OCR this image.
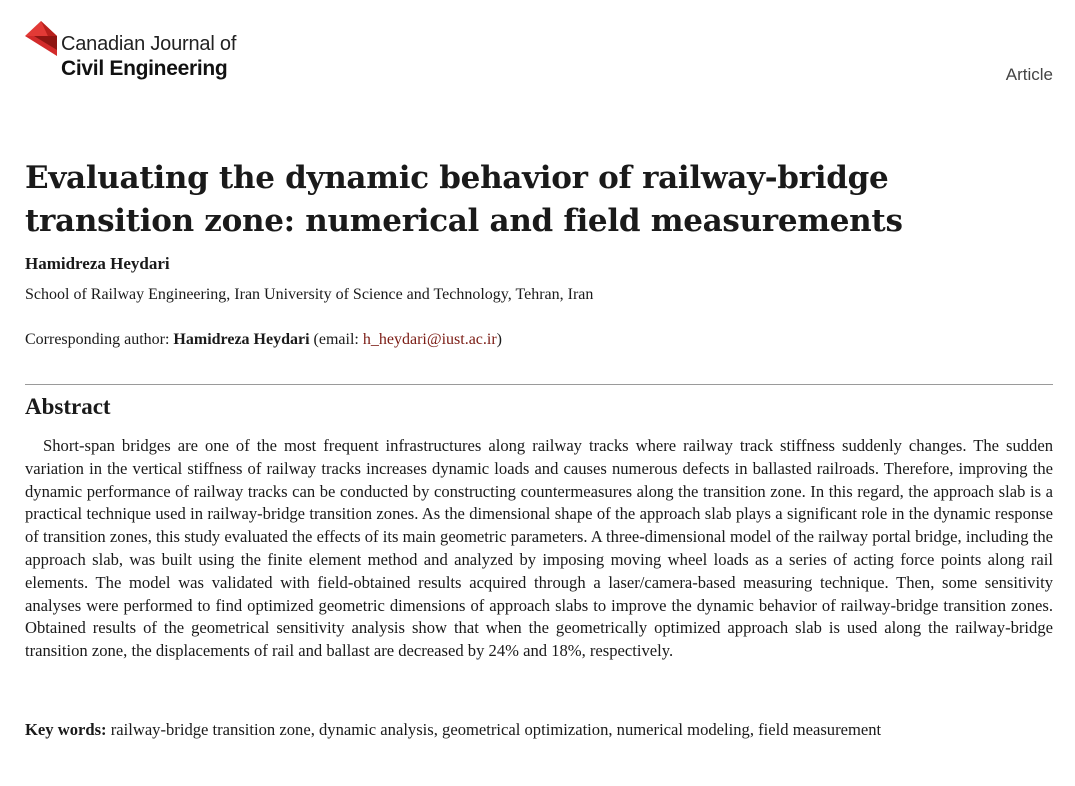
Canadian Journal of
Civil Engineering	Article
Evaluating the dynamic behavior of railway-bridge transition zone: numerical and field measurements
Hamidreza Heydari
School of Railway Engineering, Iran University of Science and Technology, Tehran, Iran
Corresponding author: Hamidreza Heydari (email: h_heydari@iust.ac.ir)
Abstract

Short-span bridges are one of the most frequent infrastructures along railway tracks where railway track stiffness suddenly changes. The sudden variation in the vertical stiffness of railway tracks increases dynamic loads and causes numerous defects in ballasted railroads. Therefore, improving the dynamic performance of railway tracks can be conducted by constructing countermeasures along the transition zone. In this regard, the approach slab is a practical technique used in railway-bridge transition zones. As the dimensional shape of the approach slab plays a significant role in the dynamic response of transition zones, this study evaluated the effects of its main geometric parameters. A three-dimensional model of the railway portal bridge, including the approach slab, was built using the finite element method and analyzed by imposing moving wheel loads as a series of acting force points along rail elements. The model was validated with field-obtained results acquired through a laser/camera-based measuring technique. Then, some sensitivity analyses were performed to find optimized geometric dimensions of approach slabs to improve the dynamic behavior of railway-bridge transition zones. Obtained results of the geometrical sensitivity analysis show that when the geometrically optimized approach slab is used along the railway-bridge transition zone, the displacements of rail and ballast are decreased by 24% and 18%, respectively.

Key words: railway-bridge transition zone, dynamic analysis, geometrical optimization, numerical modeling, field measurement
